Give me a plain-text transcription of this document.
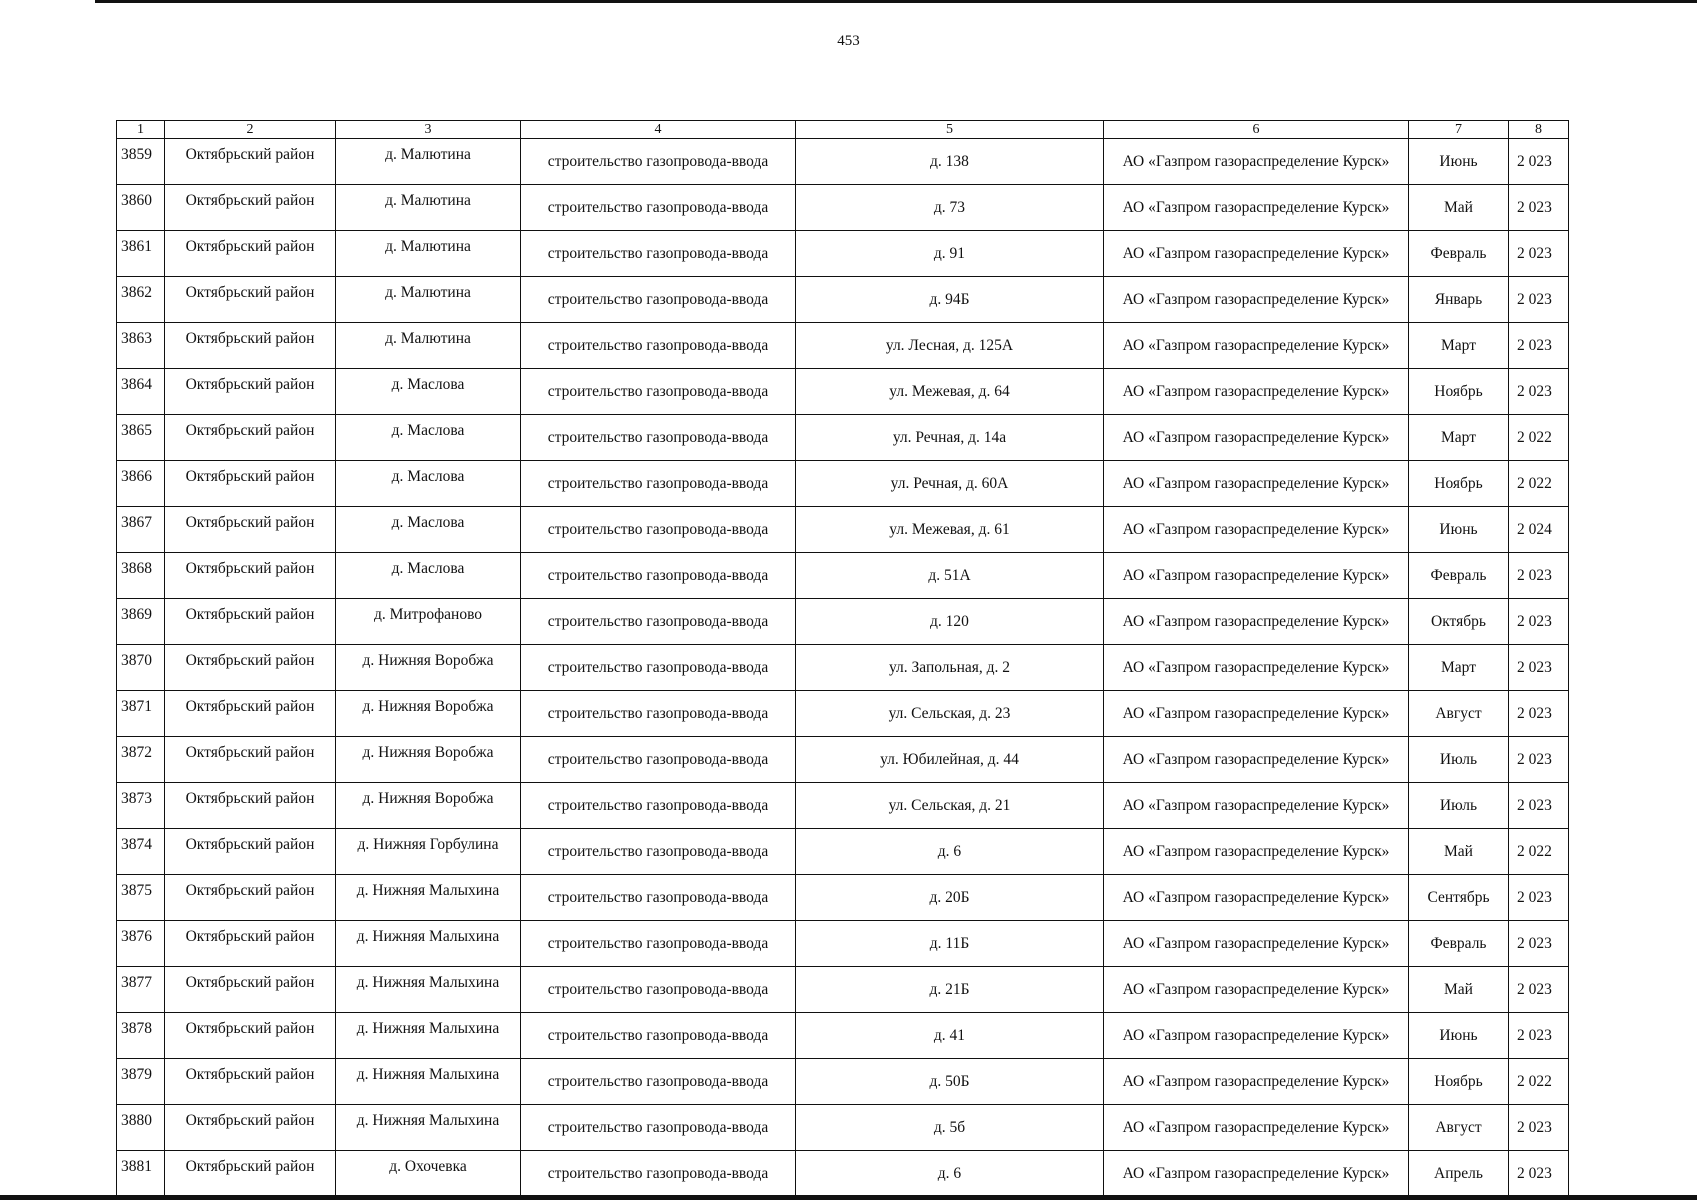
453
1	2	3	4	5	6	7	8
3859	Октябрьский район	д. Малютина	строительство газопровода-ввода	д. 138	АО «Газпром газораспределение Курск»	Июнь	2 023
3860	Октябрьский район	д. Малютина	строительство газопровода-ввода	д. 73	АО «Газпром газораспределение Курск»	Май	2 023
3861	Октябрьский район	д. Малютина	строительство газопровода-ввода	д. 91	АО «Газпром газораспределение Курск»	Февраль	2 023
3862	Октябрьский район	д. Малютина	строительство газопровода-ввода	д. 94Б	АО «Газпром газораспределение Курск»	Январь	2 023
3863	Октябрьский район	д. Малютина	строительство газопровода-ввода	ул. Лесная, д. 125А	АО «Газпром газораспределение Курск»	Март	2 023
3864	Октябрьский район	д. Маслова	строительство газопровода-ввода	ул. Межевая, д. 64	АО «Газпром газораспределение Курск»	Ноябрь	2 023
3865	Октябрьский район	д. Маслова	строительство газопровода-ввода	ул. Речная, д. 14а	АО «Газпром газораспределение Курск»	Март	2 022
3866	Октябрьский район	д. Маслова	строительство газопровода-ввода	ул. Речная, д. 60А	АО «Газпром газораспределение Курск»	Ноябрь	2 022
3867	Октябрьский район	д. Маслова	строительство газопровода-ввода	ул. Межевая, д. 61	АО «Газпром газораспределение Курск»	Июнь	2 024
3868	Октябрьский район	д. Маслова	строительство газопровода-ввода	д. 51А	АО «Газпром газораспределение Курск»	Февраль	2 023
3869	Октябрьский район	д. Митрофаново	строительство газопровода-ввода	д. 120	АО «Газпром газораспределение Курск»	Октябрь	2 023
3870	Октябрьский район	д. Нижняя Воробжа	строительство газопровода-ввода	ул. Запольная, д. 2	АО «Газпром газораспределение Курск»	Март	2 023
3871	Октябрьский район	д. Нижняя Воробжа	строительство газопровода-ввода	ул. Сельская, д. 23	АО «Газпром газораспределение Курск»	Август	2 023
3872	Октябрьский район	д. Нижняя Воробжа	строительство газопровода-ввода	ул. Юбилейная, д. 44	АО «Газпром газораспределение Курск»	Июль	2 023
3873	Октябрьский район	д. Нижняя Воробжа	строительство газопровода-ввода	ул. Сельская, д. 21	АО «Газпром газораспределение Курск»	Июль	2 023
3874	Октябрьский район	д. Нижняя Горбулина	строительство газопровода-ввода	д. 6	АО «Газпром газораспределение Курск»	Май	2 022
3875	Октябрьский район	д. Нижняя Малыхина	строительство газопровода-ввода	д. 20Б	АО «Газпром газораспределение Курск»	Сентябрь	2 023
3876	Октябрьский район	д. Нижняя Малыхина	строительство газопровода-ввода	д. 11Б	АО «Газпром газораспределение Курск»	Февраль	2 023
3877	Октябрьский район	д. Нижняя Малыхина	строительство газопровода-ввода	д. 21Б	АО «Газпром газораспределение Курск»	Май	2 023
3878	Октябрьский район	д. Нижняя Малыхина	строительство газопровода-ввода	д. 41	АО «Газпром газораспределение Курск»	Июнь	2 023
3879	Октябрьский район	д. Нижняя Малыхина	строительство газопровода-ввода	д. 50Б	АО «Газпром газораспределение Курск»	Ноябрь	2 022
3880	Октябрьский район	д. Нижняя Малыхина	строительство газопровода-ввода	д. 5б	АО «Газпром газораспределение Курск»	Август	2 023
3881	Октябрьский район	д. Охочевка	строительство газопровода-ввода	д. 6	АО «Газпром газораспределение Курск»	Апрель	2 023
